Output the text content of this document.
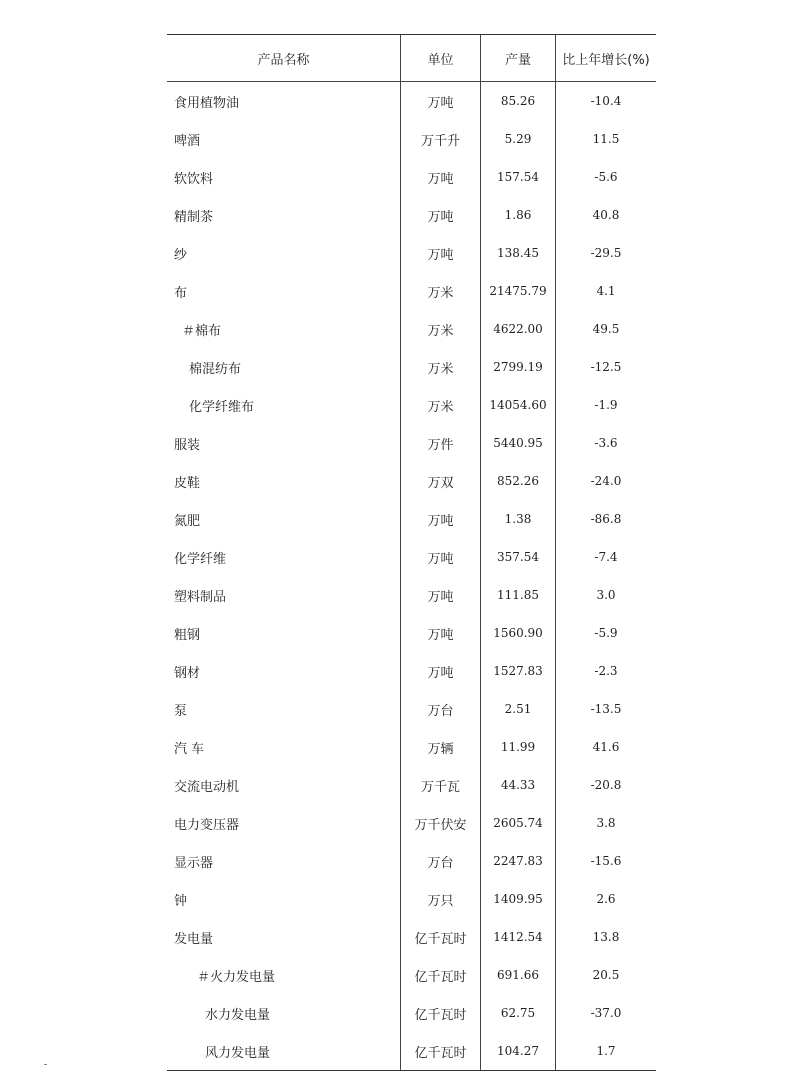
产品名称	单位	产量	比上年增长(%)
食用植物油	万吨	85.26	-10.4
啤酒	万千升	5.29	11.5
软饮料	万吨	157.54	-5.6
精制茶	万吨	1.86	40.8
纱	万吨	138.45	-29.5
布	万米	21475.79	4.1
＃棉布	万米	4622.00	49.5
棉混纺布	万米	2799.19	-12.5
化学纤维布	万米	14054.60	-1.9
服装	万件	5440.95	-3.6
皮鞋	万双	852.26	-24.0
氮肥	万吨	1.38	-86.8
化学纤维	万吨	357.54	-7.4
塑料制品	万吨	111.85	3.0
粗钢	万吨	1560.90	-5.9
钢材	万吨	1527.83	-2.3
泵	万台	2.51	-13.5
汽 车	万辆	11.99	41.6
交流电动机	万千瓦	44.33	-20.8
电力变压器	万千伏安	2605.74	3.8
显示器	万台	2247.83	-15.6
钟	万只	1409.95	2.6
发电量	亿千瓦时	1412.54	13.8
＃火力发电量	亿千瓦时	691.66	20.5
水力发电量	亿千瓦时	62.75	-37.0
风力发电量	亿千瓦时	104.27	1.7
